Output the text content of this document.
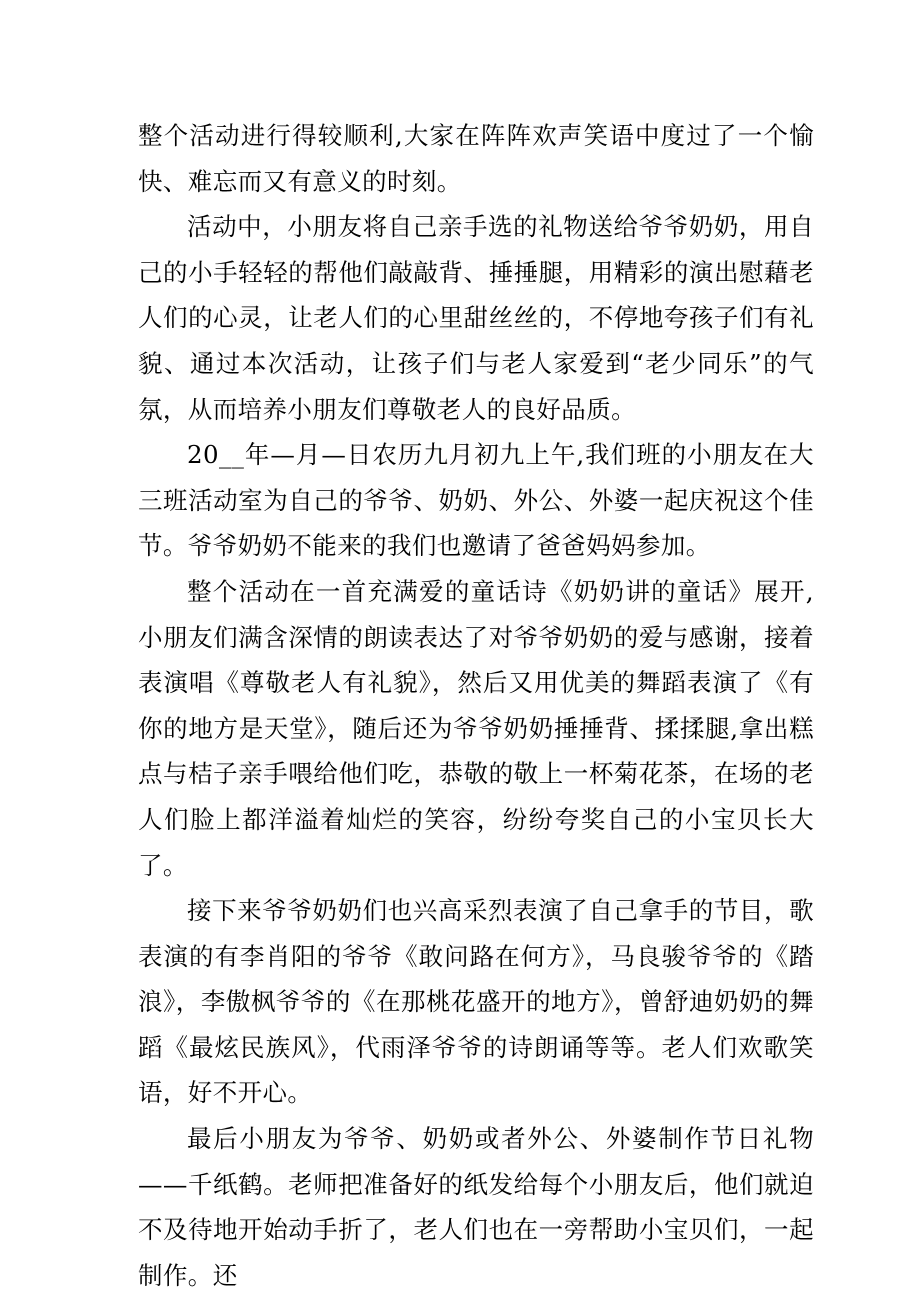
整个活动进行得较顺利,大家在阵阵欢声笑语中度过了一个愉快、难忘而又有意义的时刻。

活动中，小朋友将自己亲手选的礼物送给爷爷奶奶，用自己的小手轻轻的帮他们敲敲背、捶捶腿，用精彩的演出慰藉老人们的心灵，让老人们的心里甜丝丝的，不停地夸孩子们有礼貌、通过本次活动，让孩子们与老人家爱到“老少同乐”的气氛，从而培养小朋友们尊敬老人的良好品质。

20__年—月—日农历九月初九上午,我们班的小朋友在大三班活动室为自己的爷爷、奶奶、外公、外婆一起庆祝这个佳节。爷爷奶奶不能来的我们也邀请了爸爸妈妈参加。

整个活动在一首充满爱的童话诗《奶奶讲的童话》展开,小朋友们满含深情的朗读表达了对爷爷奶奶的爱与感谢，接着表演唱《尊敬老人有礼貌》，然后又用优美的舞蹈表演了《有你的地方是天堂》，随后还为爷爷奶奶捶捶背、揉揉腿,拿出糕点与桔子亲手喂给他们吃，恭敬的敬上一杯菊花茶，在场的老人们脸上都洋溢着灿烂的笑容，纷纷夸奖自己的小宝贝长大了。

接下来爷爷奶奶们也兴高采烈表演了自己拿手的节目，歌表演的有李肖阳的爷爷《敢问路在何方》，马良骏爷爷的《踏浪》，李傲枫爷爷的《在那桃花盛开的地方》，曾舒迪奶奶的舞蹈《最炫民族风》，代雨泽爷爷的诗朗诵等等。老人们欢歌笑语，好不开心。

最后小朋友为爷爷、奶奶或者外公、外婆制作节日礼物——千纸鹤。老师把准备好的纸发给每个小朋友后，他们就迫不及待地开始动手折了，老人们也在一旁帮助小宝贝们，一起制作。还
